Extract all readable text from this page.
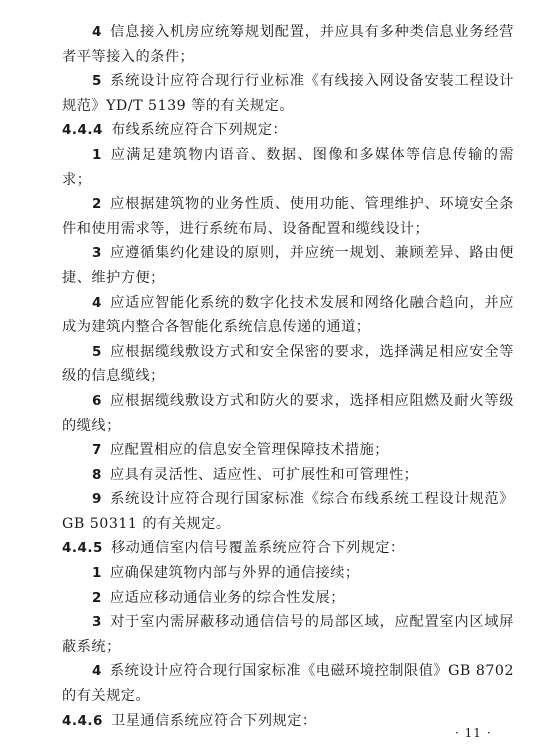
4 信息接入机房应统筹规划配置，并应具有多种类信息业务经营者平等接入的条件；

5 系统设计应符合现行行业标准《有线接入网设备安装工程设计规范》YD/T 5139 等的有关规定。

4.4.4 布线系统应符合下列规定：

1 应满足建筑物内语音、数据、图像和多媒体等信息传输的需求；

2 应根据建筑物的业务性质、使用功能、管理维护、环境安全条件和使用需求等，进行系统布局、设备配置和缆线设计；

3 应遵循集约化建设的原则，并应统一规划、兼顾差异、路由便捷、维护方便；

4 应适应智能化系统的数字化技术发展和网络化融合趋向，并应成为建筑内整合各智能化系统信息传递的通道；

5 应根据缆线敷设方式和安全保密的要求，选择满足相应安全等级的信息缆线；

6 应根据缆线敷设方式和防火的要求，选择相应阻燃及耐火等级的缆线；

7 应配置相应的信息安全管理保障技术措施；

8 应具有灵活性、适应性、可扩展性和可管理性；

9 系统设计应符合现行国家标准《综合布线系统工程设计规范》GB 50311 的有关规定。

4.4.5 移动通信室内信号覆盖系统应符合下列规定：

1 应确保建筑物内部与外界的通信接续；

2 应适应移动通信业务的综合性发展；

3 对于室内需屏蔽移动通信信号的局部区域，应配置室内区域屏蔽系统；

4 系统设计应符合现行国家标准《电磁环境控制限值》GB 8702 的有关规定。

4.4.6 卫星通信系统应符合下列规定：

· 11 ·
